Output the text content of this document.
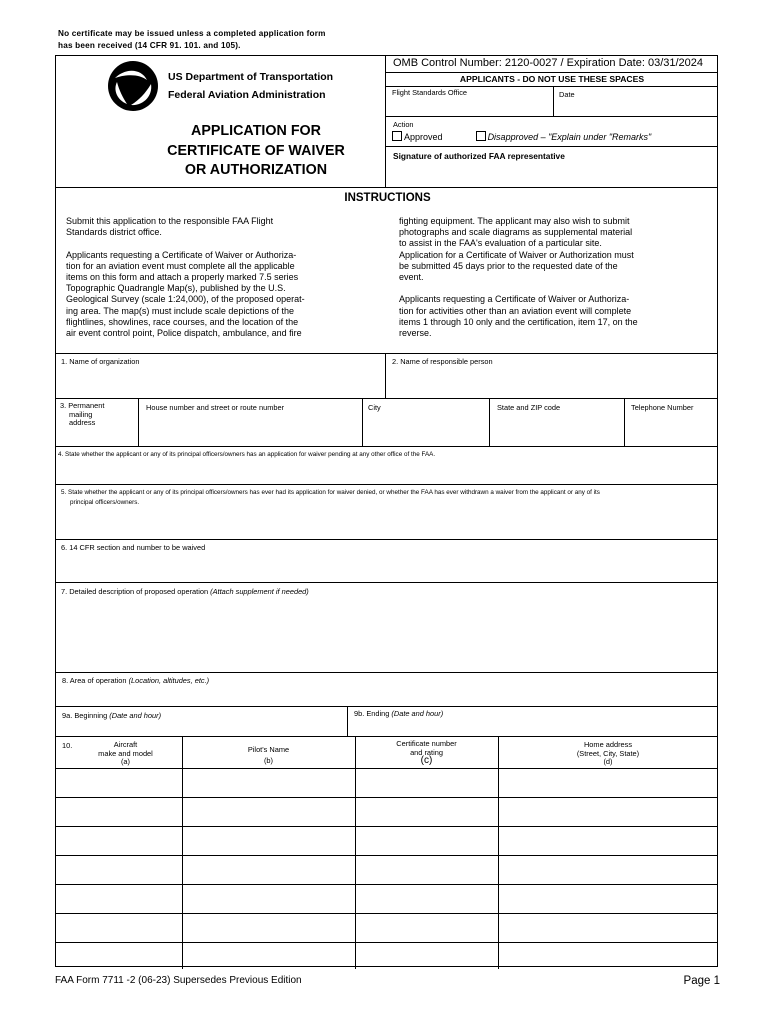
No certificate may be issued unless a completed application form
has been received (14 CFR 91. 101. and 105).
US Department of Transportation
Federal Aviation Administration
APPLICATION FOR
CERTIFICATE OF WAIVER
OR AUTHORIZATION
OMB Control Number: 2120-0027 / Expiration Date: 03/31/2024
APPLICANTS - DO NOT USE THESE SPACES
Flight Standards Office	Date
Action
Approved	Disapproved – "Explain under "Remarks"
Signature of authorized FAA representative
INSTRUCTIONS
Submit this application to the responsible FAA Flight
Standards district office.
Applicants requesting a Certificate of Waiver or Authoriza-
tion for an aviation event must complete all the applicable
items on this form and attach a properly marked 7.5 series
Topographic Quadrangle Map(s), published by the U.S.
Geological Survey (scale 1:24,000), of the proposed operat-
ing area. The map(s) must include scale depictions of the
flightlines, showlines, race courses, and the location of the
air event control point, Police dispatch, ambulance, and fire
fighting equipment. The applicant may also wish to submit
photographs and scale diagrams as supplemental material
to assist in the FAA's evaluation of a particular site.
Application for a Certificate of Waiver or Authorization must
be submitted 45 days prior to the requested date of the
event.
Applicants requesting a Certificate of Waiver or Authoriza-
tion for activities other than an aviation event will complete
items 1 through 10 only and the certification, item 17, on the
reverse.
1. Name of organization	2. Name of responsible person
3. Permanent
mailing
address
House number and street or route number	City	State and ZIP code	Telephone Number
4. State whether the applicant or any of its principal officers/owners has an application for waiver pending at any other office of the FAA.
5. State whether the applicant or any of its principal officers/owners has ever had its application for waiver denied, or whether the FAA has ever withdrawn a waiver from the applicant or any of its
principal officers/owners.
6. 14 CFR section and number to be waived
7. Detailed description of proposed operation (Attach supplement if needed)
8. Area of operation (Location, altitudes, etc.)
9a. Beginning (Date and hour)	9b. Ending (Date and hour)
10.	Aircraft
make and model
(a)
Pilot's Name
(b)
Certificate number
and rating
(c)
Home address
(Street, City, State)
(d)
FAA Form 7711 -2 (06-23) Supersedes Previous Edition	Page 1
